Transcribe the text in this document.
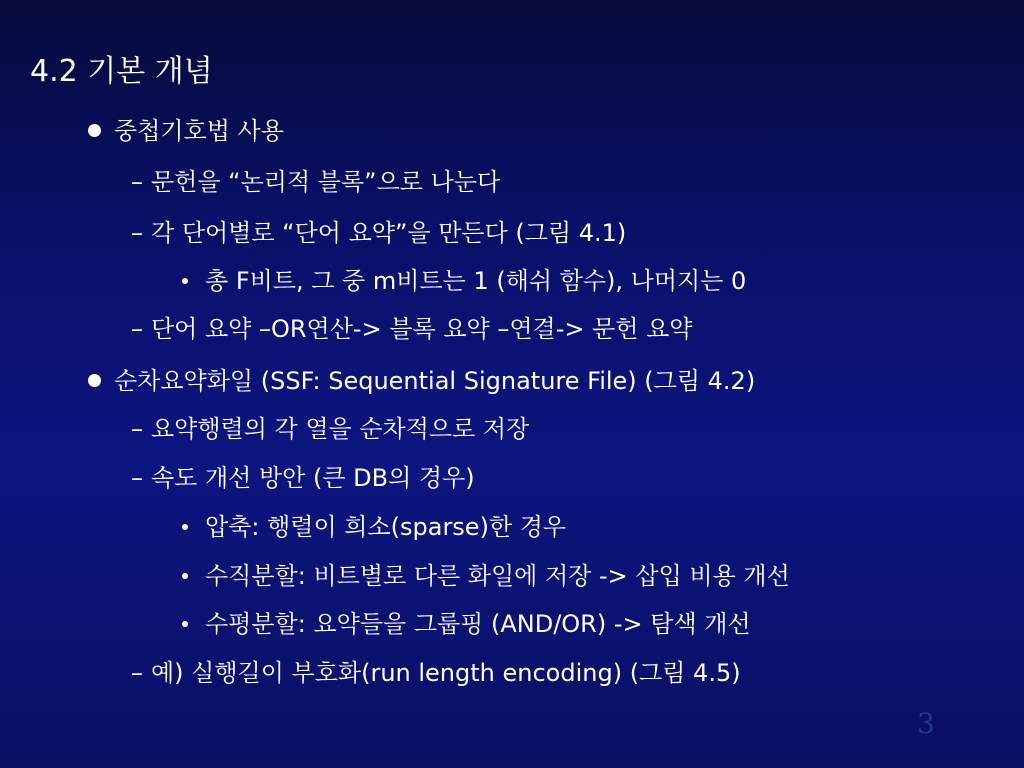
4.2 기본 개념
중첩기호법 사용
– 문헌을 “논리적 블록”으로 나눈다
– 각 단어별로 “단어 요약”을 만든다 (그림 4.1)
총 F비트, 그 중 m비트는 1 (해쉬 함수), 나머지는 0
– 단어 요약 –OR연산-> 블록 요약 –연결-> 문헌 요약
순차요약화일 (SSF: Sequential Signature File) (그림 4.2)
– 요약행렬의 각 열을 순차적으로 저장
– 속도 개선 방안 (큰 DB의 경우)
압축: 행렬이 희소(sparse)한 경우
수직분할: 비트별로 다른 화일에 저장 -> 삽입 비용 개선
수평분할: 요약들을 그룹핑 (AND/OR) -> 탐색 개선
– 예) 실행길이 부호화(run length encoding) (그림 4.5)
3
